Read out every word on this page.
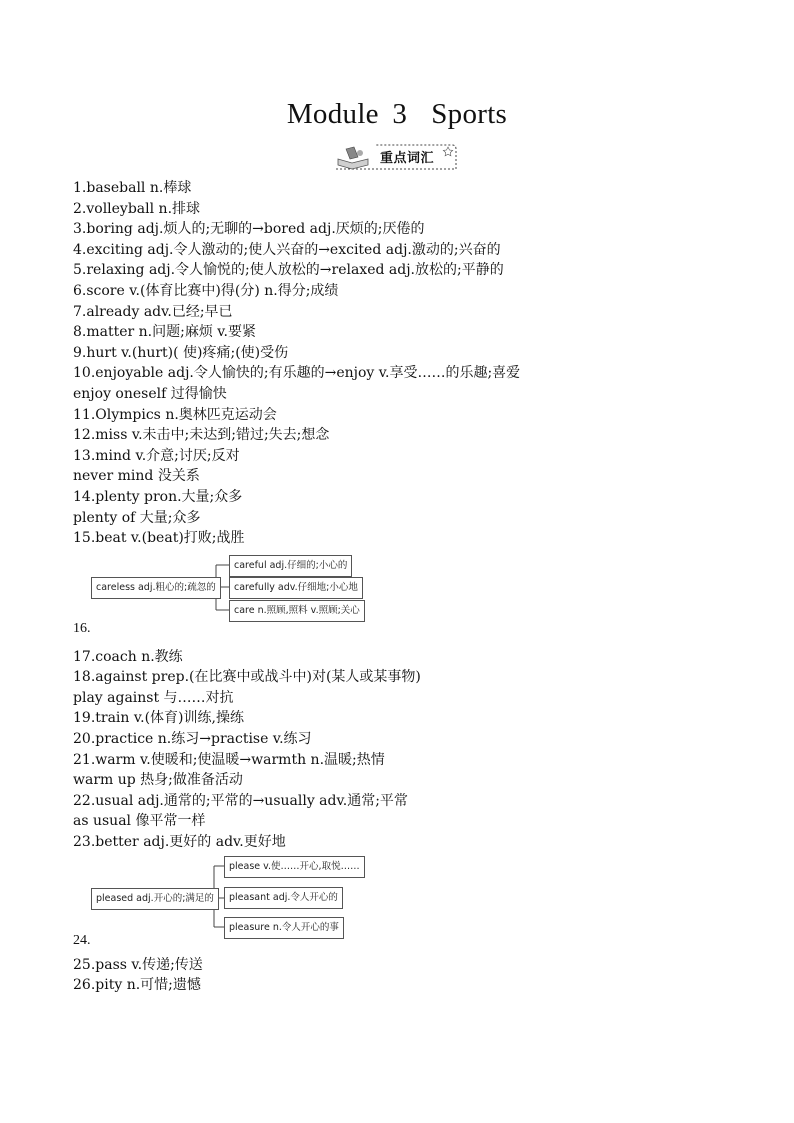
Module 3 Sports
重点词汇
1.baseball n.棒球
2.volleyball n.排球
3.boring adj.烦人的;无聊的→bored adj.厌烦的;厌倦的
4.exciting adj.令人激动的;使人兴奋的→excited adj.激动的;兴奋的
5.relaxing adj.令人愉悦的;使人放松的→relaxed adj.放松的;平静的
6.score v.(体育比赛中)得(分) n.得分;成绩
7.already adv.已经;早已
8.matter n.问题;麻烦 v.要紧
9.hurt v.(hurt)( 使)疼痛;(使)受伤
10.enjoyable adj.令人愉快的;有乐趣的→enjoy v.享受……的乐趣;喜爱
enjoy oneself 过得愉快
11.Olympics n.奥林匹克运动会
12.miss v.未击中;未达到;错过;失去;想念
13.mind v.介意;讨厌;反对
never mind 没关系
14.plenty pron.大量;众多
plenty of 大量;众多
15.beat v.(beat)打败;战胜
careless adj.粗心的;疏忽的
careful adj.仔细的;小心的
carefully adv.仔细地;小心地
care n.照顾,照料 v.照顾;关心
16.
17.coach n.教练
18.against prep.(在比赛中或战斗中)对(某人或某事物)
play against 与……对抗
19.train v.(体育)训练,操练
20.practice n.练习→practise v.练习
21.warm v.使暖和;使温暖→warmth n.温暖;热情
warm up 热身;做准备活动
22.usual adj.通常的;平常的→usually adv.通常;平常
as usual 像平常一样
23.better adj.更好的 adv.更好地
pleased adj.开心的;满足的
please v.使……开心,取悦……
pleasant adj.令人开心的
pleasure n.令人开心的事
24.
25.pass v.传递;传送
26.pity n.可惜;遗憾
